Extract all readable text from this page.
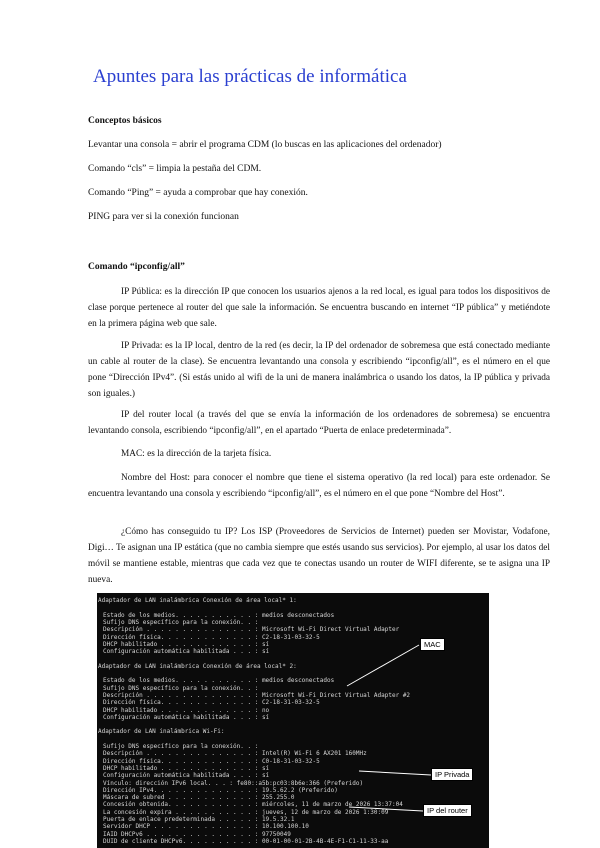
Apuntes para las prácticas de informática
Conceptos básicos
Levantar una consola = abrir el programa CDM (lo buscas en las aplicaciones del ordenador)
Comando “cls” = limpia la pestaña del CDM.
Comando “Ping” = ayuda a comprobar que hay conexión.
PING para ver si la conexión funcionan
Comando “ipconfig/all”
IP Pública: es la dirección IP que conocen los usuarios ajenos a la red local, es igual para todos los dispositivos de clase porque pertenece al router del que sale la información. Se encuentra buscando en internet “IP pública” y metiéndote en la primera página web que sale.
IP Privada: es la IP local, dentro de la red (es decir, la IP del ordenador de sobremesa que está conectado mediante un cable al router de la clase). Se encuentra levantando una consola y escribiendo “ipconfig/all”, es el número en el que pone “Dirección IPv4”. (Si estás unido al wifi de la uni de manera inalámbrica o usando los datos, la IP pública y privada son iguales.)
IP del router local (a través del que se envía la información de los ordenadores de sobremesa) se encuentra levantando consola, escribiendo “ipconfig/all”, en el apartado “Puerta de enlace predeterminada”.
MAC: es la dirección de la tarjeta física.
Nombre del Host: para conocer el nombre que tiene el sistema operativo (la red local) para este ordenador. Se encuentra levantando una consola y escribiendo “ipconfig/all”, es el número en el que pone “Nombre del Host”.
¿Cómo has conseguido tu IP? Los ISP (Proveedores de Servicios de Internet) pueden ser Movistar, Vodafone, Digi… Te asignan una IP estática (que no cambia siempre que estés usando sus servicios). Por ejemplo, al usar los datos del móvil se mantiene estable, mientras que cada vez que te conectas usando un router de WIFI diferente, se te asigna una IP nueva.
Adaptador de LAN inalámbrica Conexión de área local* 1:
Estado de los medios. . . . . . . . . . . : medios desconectados
Sufijo DNS específico para la conexión. . :
Descripción . . . . . . . . . . . . . . . : Microsoft Wi-Fi Direct Virtual Adapter
Dirección física. . . . . . . . . . . . . : C2-18-31-03-32-5
DHCP habilitado . . . . . . . . . . . . . : sí
Configuración automática habilitada . . . : sí
Adaptador de LAN inalámbrica Conexión de área local* 2:
Estado de los medios. . . . . . . . . . . : medios desconectados
Sufijo DNS específico para la conexión. . :
Descripción . . . . . . . . . . . . . . . : Microsoft Wi-Fi Direct Virtual Adapter #2
Dirección física. . . . . . . . . . . . . : C2-18-31-03-32-5
DHCP habilitado . . . . . . . . . . . . . : no
Configuración automática habilitada . . . : sí
Adaptador de LAN inalámbrica Wi-Fi:
Sufijo DNS específico para la conexión. . :
Descripción . . . . . . . . . . . . . . . : Intel(R) Wi-Fi 6 AX201 160MHz
Dirección física. . . . . . . . . . . . . : C0-18-31-03-32-5
DHCP habilitado . . . . . . . . . . . . . : sí
Configuración automática habilitada . . . : sí
Vínculo: dirección IPv6 local. . . : fe80::a5b:pc03:8b6e:366 (Preferido)
Dirección IPv4. . . . . . . . . . . . . . : 19.5.62.2 (Preferido)
Máscara de subred . . . . . . . . . . . . : 255.255.0
Concesión obtenida. . . . . . . . . . . . : miércoles, 11 de marzo de 2026 13:37:04
La concesión expira . . . . . . . . . . . : jueves, 12 de marzo de 2026 1:30:09
Puerta de enlace predeterminada . . . . . : 19.5.32.1
Servidor DHCP . . . . . . . . . . . . . . : 10.100.100.10
IAID DHCPv6 . . . . . . . . . . . . . . . : 97750049
DUID de cliente DHCPv6. . . . . . . . . . : 00-01-00-01-2B-4B-4E-F1-C1-11-33-aa
MAC
IP Privada
IP del router
